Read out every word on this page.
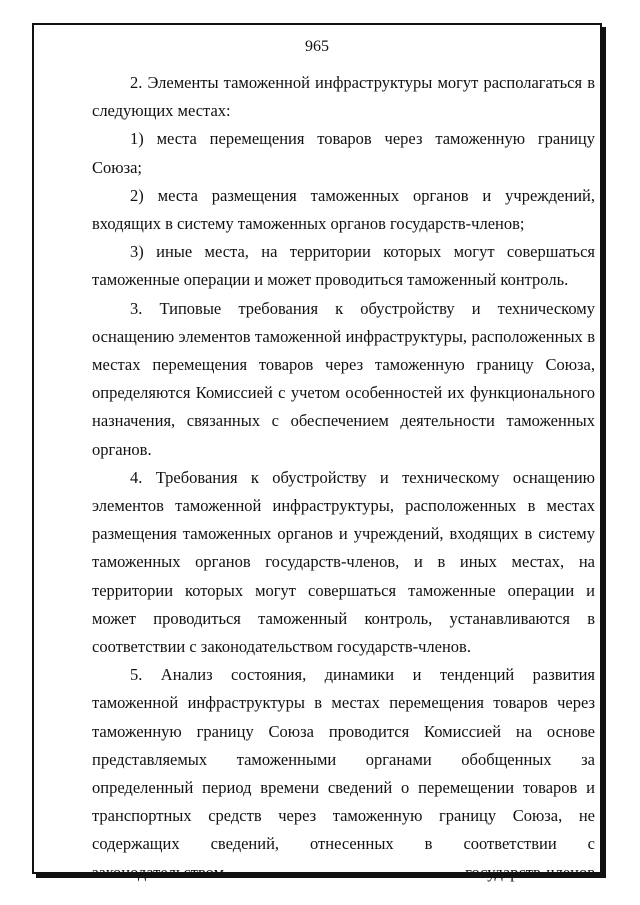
965

2. Элементы таможенной инфраструктуры могут располагаться в следующих местах:

1) места перемещения товаров через таможенную границу Союза;

2) места размещения таможенных органов и учреждений, входящих в систему таможенных органов государств-членов;

3) иные места, на территории которых могут совершаться таможенные операции и может проводиться таможенный контроль.

3. Типовые требования к обустройству и техническому оснащению элементов таможенной инфраструктуры, расположенных в местах перемещения товаров через таможенную границу Союза, определяются Комиссией с учетом особенностей их функционального назначения, связанных с обеспечением деятельности таможенных органов.

4. Требования к обустройству и техническому оснащению элементов таможенной инфраструктуры, расположенных в местах размещения таможенных органов и учреждений, входящих в систему таможенных органов государств-членов, и в иных местах, на территории которых могут совершаться таможенные операции и может проводиться таможенный контроль, устанавливаются в соответствии с законодательством государств-членов.

5. Анализ состояния, динамики и тенденций развития таможенной инфраструктуры в местах перемещения товаров через таможенную границу Союза проводится Комиссией на основе представляемых таможенными органами обобщенных за определенный период времени сведений о перемещении товаров и транспортных средств через таможенную границу Союза, не содержащих сведений, отнесенных в соответствии с законодательством государств-членов
